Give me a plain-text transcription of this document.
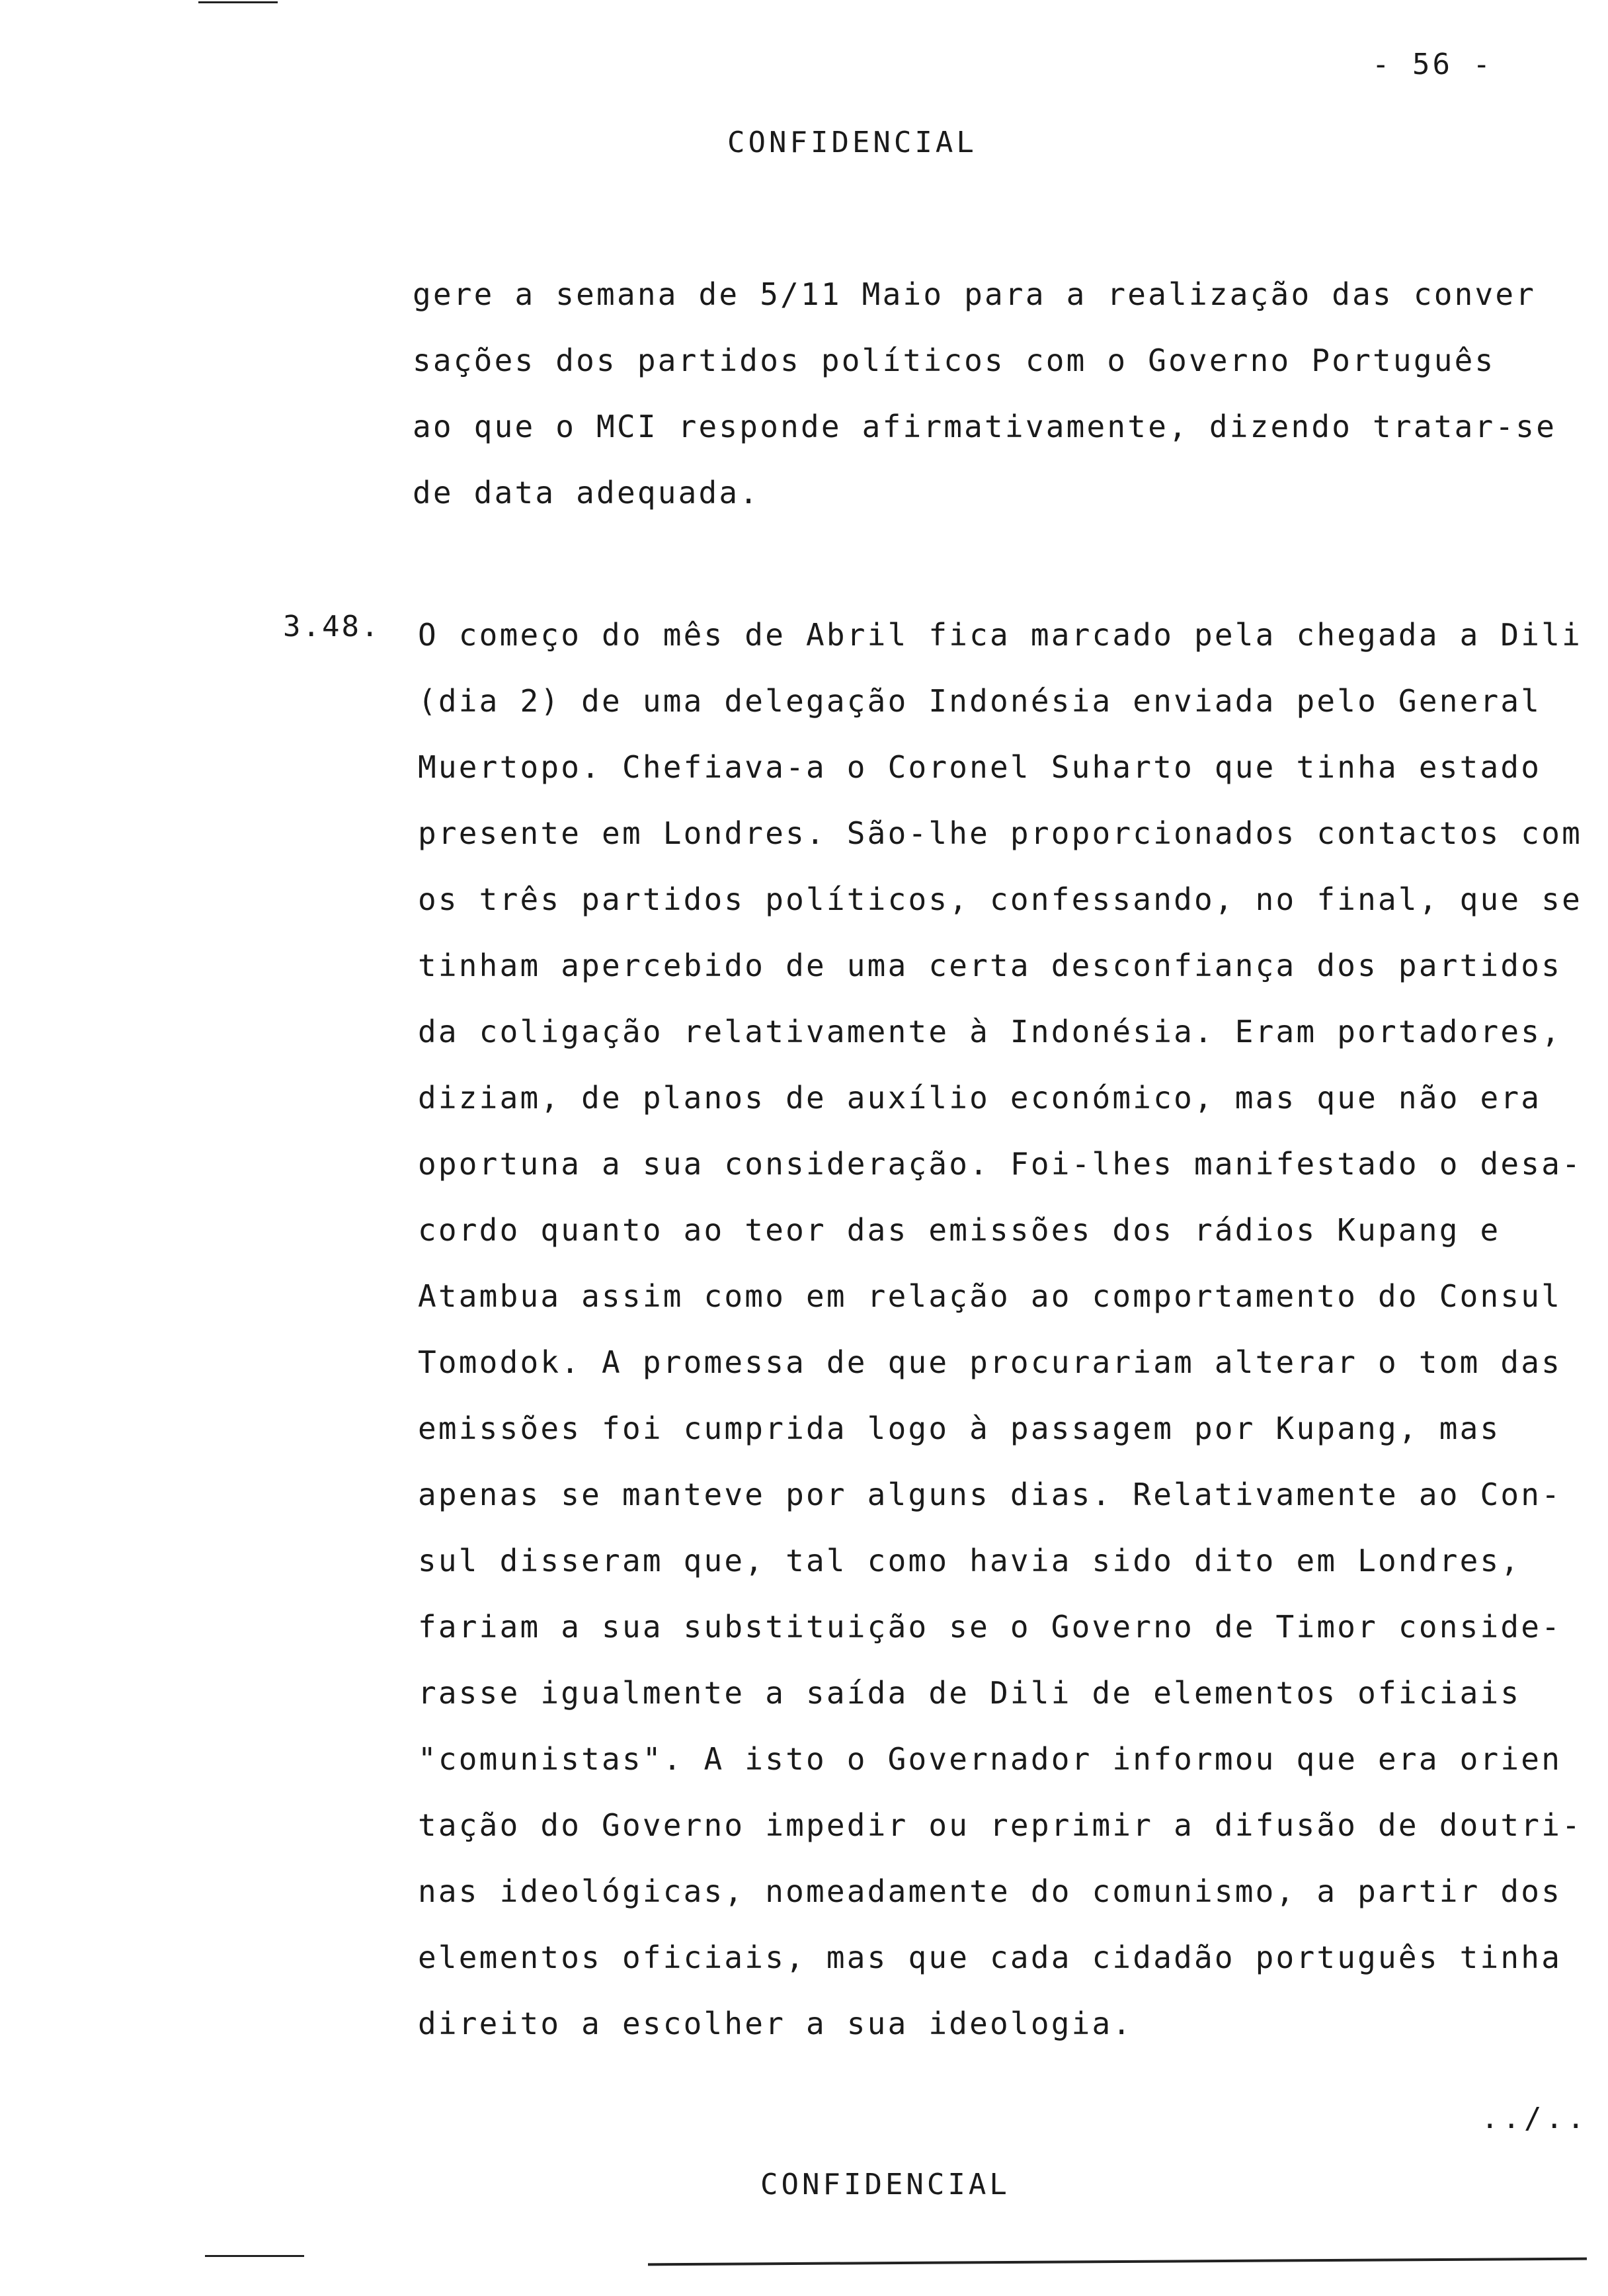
- 56 -
CONFIDENCIAL
gere a semana de 5/11 Maio para a realização das conver
sações dos partidos políticos com o Governo Português
ao que o MCI responde afirmativamente, dizendo tratar-se
de data adequada.
3.48. O começo do mês de Abril fica marcado pela chegada a Dili
(dia 2) de uma delegação Indonésia enviada pelo General
Muertopo. Chefiava-a o Coronel Suharto que tinha estado
presente em Londres. São-lhe proporcionados contactos com
os três partidos políticos, confessando, no final, que se
tinham apercebido de uma certa desconfiança dos partidos
da coligação relativamente à Indonésia. Eram portadores,
diziam, de planos de auxílio económico, mas que não era
oportuna a sua consideração. Foi-lhes manifestado o desa-
cordo quanto ao teor das emissões dos rádios Kupang e
Atambua assim como em relação ao comportamento do Consul
Tomodok. A promessa de que procurariam alterar o tom das
emissões foi cumprida logo à passagem por Kupang, mas
apenas se manteve por alguns dias. Relativamente ao Con-
sul disseram que, tal como havia sido dito em Londres,
fariam a sua substituição se o Governo de Timor conside-
rasse igualmente a saída de Dili de elementos oficiais
"comunistas". A isto o Governador informou que era orien
tação do Governo impedir ou reprimir a difusão de doutri-
nas ideológicas, nomeadamente do comunismo, a partir dos
elementos oficiais, mas que cada cidadão português tinha
direito a escolher a sua ideologia.
../..
CONFIDENCIAL
